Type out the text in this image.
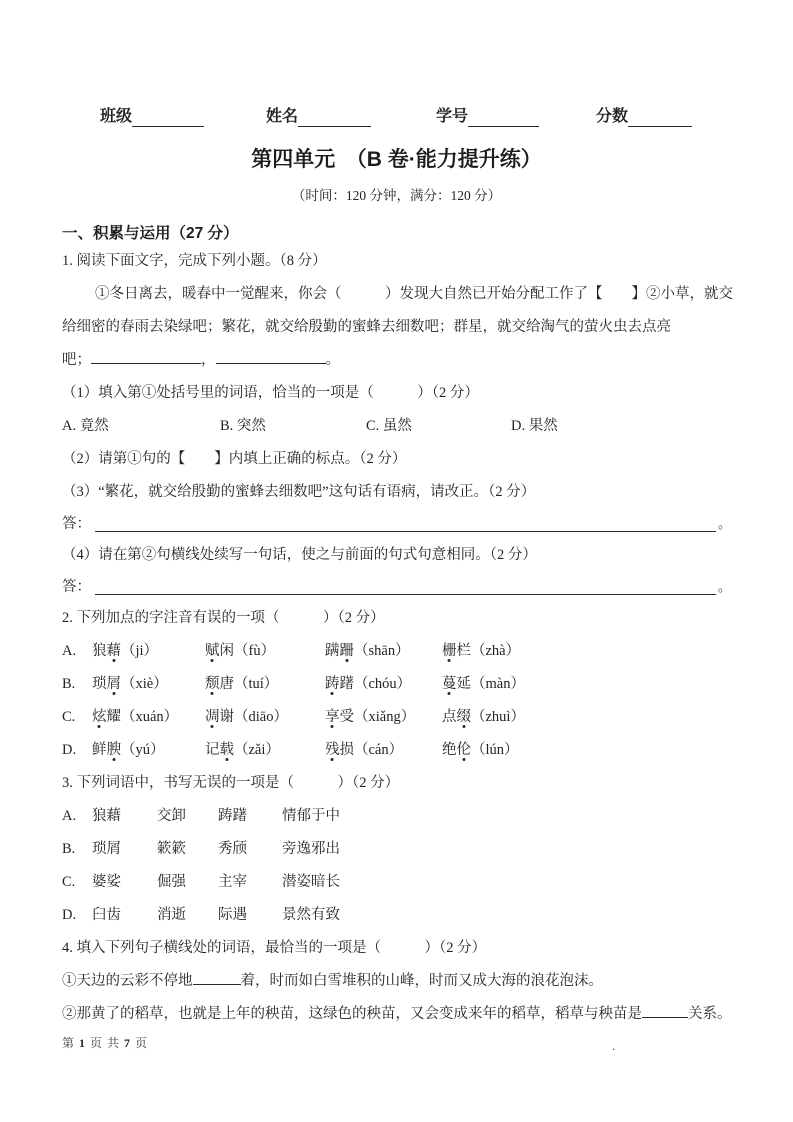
班级	姓名	学号	分数
第四单元　（B 卷·能力提升练）
（时间：120 分钟，满分：120 分）
一、积累与运用（27 分）
1. 阅读下面文字，完成下列小题。（8 分）
①冬日离去，暖春中一觉醒来，你会（　　　）发现大自然已开始分配工作了【　　】②小草，就交
给细密的春雨去染绿吧；繁花，就交给殷勤的蜜蜂去细数吧；群星，就交给淘气的萤火虫去点亮
吧；	，	。
（1）填入第①处括号里的词语，恰当的一项是（　　　）（2 分）
A. 竟然	B. 突然	C. 虽然	D. 果然
（2）请第①句的【　　】内填上正确的标点。（2 分）
（3）“繁花，就交给殷勤的蜜蜂去细数吧”这句话有语病，请改正。（2 分）
答：	。
（4）请在第②句横线处续写一句话，使之与前面的句式句意相同。（2 分）
答：	。
2. 下列加点的字注音有误的一项（　　　）（2 分）
A.	狼藉（ji）	赋闲（fù）	蹒跚（shān）	栅栏（zhà）
B.	琐屑（xiè）	颓唐（tuí）	踌躇（chóu）	蔓延（màn）
C.	炫耀（xuán）	凋谢（diāo）	享受（xiǎng）	点缀（zhuì）
D.	鲜腴（yú）	记载（zǎi）	残损（cán）	绝伦（lún）
3. 下列词语中，书写无误的一项是（　　　）（2 分）
A.	狼藉	交卸	踌躇	情郁于中
B.	琐屑	簌簌	秀颀	旁逸邪出
C.	婆娑	倔强	主宰	潜姿暗长
D.	臼齿	消逝	际遇	景然有致
4. 填入下列句子横线处的词语，最恰当的一项是（　　　）（2 分）
①天边的云彩不停地	着，时而如白雪堆积的山峰，时而又成大海的浪花泡沫。
②那黄了的稻草，也就是上年的秧苗，这绿色的秧苗，又会变成来年的稻草，稻草与秧苗是	关系。
第 1 页 共 7 页	.
